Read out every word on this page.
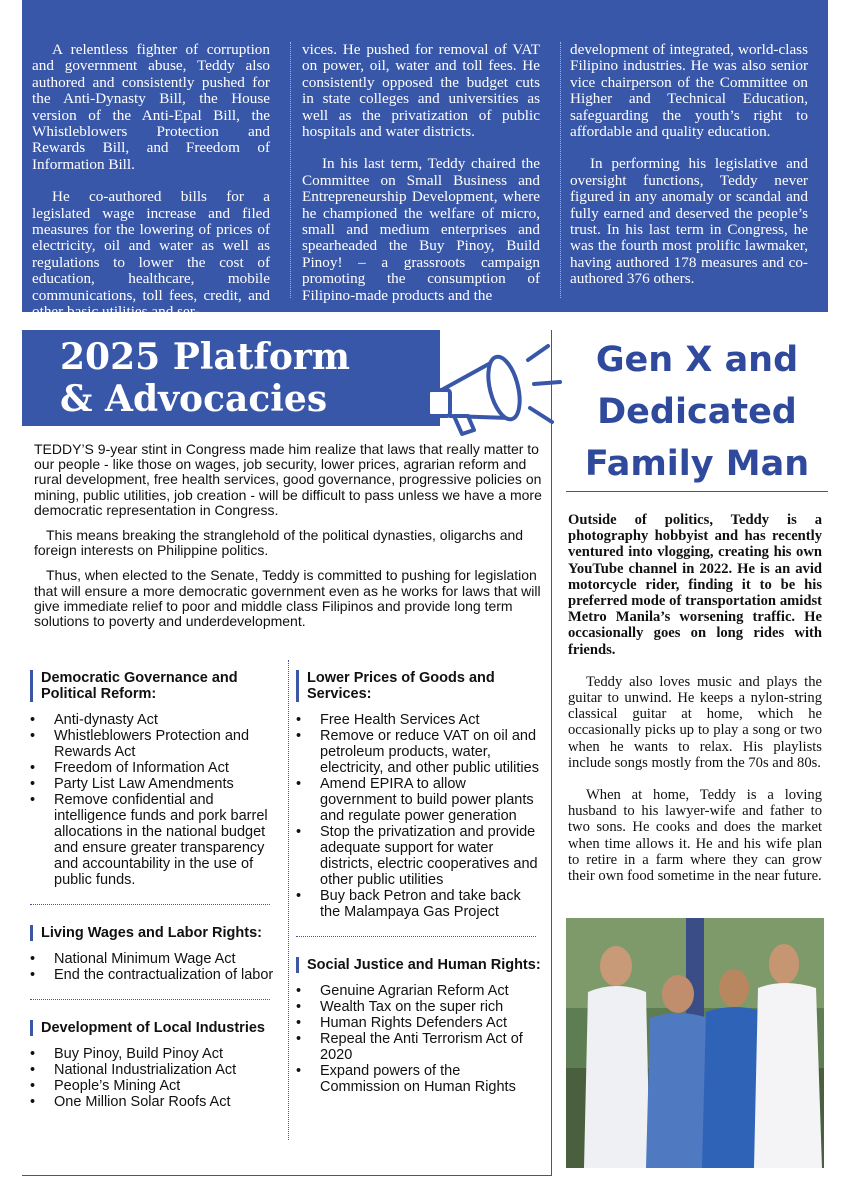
A relentless fighter of corruption and government abuse, Teddy also authored and consistently pushed for the Anti-Dynasty Bill, the House version of the Anti-Epal Bill, the Whistleblowers Protection and Rewards Bill, and Freedom of Information Bill.

He co-authored bills for a legislated wage increase and filed measures for the lowering of prices of electricity, oil and water as well as regulations to lower the cost of education, healthcare, mobile communications, toll fees, credit, and other basic utilities and ser-

vices. He pushed for removal of VAT on power, oil, water and toll fees. He consistently opposed the budget cuts in state colleges and universities as well as the privatization of public hospitals and water districts.

In his last term, Teddy chaired the Committee on Small Business and Entrepreneurship Development, where he championed the welfare of micro, small and medium enterprises and spearheaded the Buy Pinoy, Build Pinoy! – a grassroots campaign promoting the consumption of Filipino-made products and the

development of integrated, world-class Filipino industries. He was also senior vice chairperson of the Committee on Higher and Technical Education, safeguarding the youth’s right to affordable and quality education.

In performing his legislative and oversight functions, Teddy never figured in any anomaly or scandal and fully earned and deserved the people’s trust. In his last term in Congress, he was the fourth most prolific lawmaker, having authored 178 measures and co-authored 376 others.

2025 Platform
& Advocacies

TEDDY’S 9-year stint in Congress made him realize that laws that really matter to our people - like those on wages, job security, lower prices, agrarian reform and rural development, free health services, good governance, progressive policies on mining, public utilities, job creation - will be difficult to pass unless we have a more democratic representation in Congress.

This means breaking the stranglehold of the political dynasties, oligarchs and foreign interests on Philippine politics.

Thus, when elected to the Senate, Teddy is committed to pushing for legislation that will ensure a more democratic government even as he works for laws that will give immediate relief to poor and middle class Filipinos and provide long term solutions to poverty and underdevelopment.

Democratic Governance and Political Reform:
• Anti-dynasty Act
• Whistleblowers Protection and Rewards Act
• Freedom of Information Act
• Party List Law Amendments
• Remove confidential and intelligence funds and pork barrel allocations in the national budget and ensure greater transparency and accountability in the use of public funds.
Living Wages and Labor Rights:
• National Minimum Wage Act
• End the contractualization of labor
Development of Local Industries
• Buy Pinoy, Build Pinoy Act
• National Industrialization Act
• People’s Mining Act
• One Million Solar Roofs Act
Lower Prices of Goods and Services:
• Free Health Services Act
• Remove or reduce VAT on oil and petroleum products, water, electricity, and other public utilities
• Amend EPIRA to allow government to build power plants and regulate power generation
• Stop the privatization and provide adequate support for water districts, electric cooperatives and other public utilities
• Buy back Petron and take back the Malampaya Gas Project
Social Justice and Human Rights:
• Genuine Agrarian Reform Act
• Wealth Tax on the super rich
• Human Rights Defenders Act
• Repeal the Anti Terrorism Act of 2020
• Expand powers of the Commission on Human Rights
Gen X and
Dedicated
Family Man

Outside of politics, Teddy is a photography hobbyist and has recently ventured into vlogging, creating his own YouTube channel in 2022. He is an avid motorcycle rider, finding it to be his preferred mode of transportation amidst Metro Manila’s worsening traffic. He occasionally goes on long rides with friends.

Teddy also loves music and plays the guitar to unwind. He keeps a nylon-string classical guitar at home, which he occasionally picks up to play a song or two when he wants to relax. His playlists include songs mostly from the 70s and 80s.

When at home, Teddy is a loving husband to his lawyer-wife and father to two sons. He cooks and does the market when time allows it. He and his wife plan to retire in a farm where they can grow their own food sometime in the near future.
